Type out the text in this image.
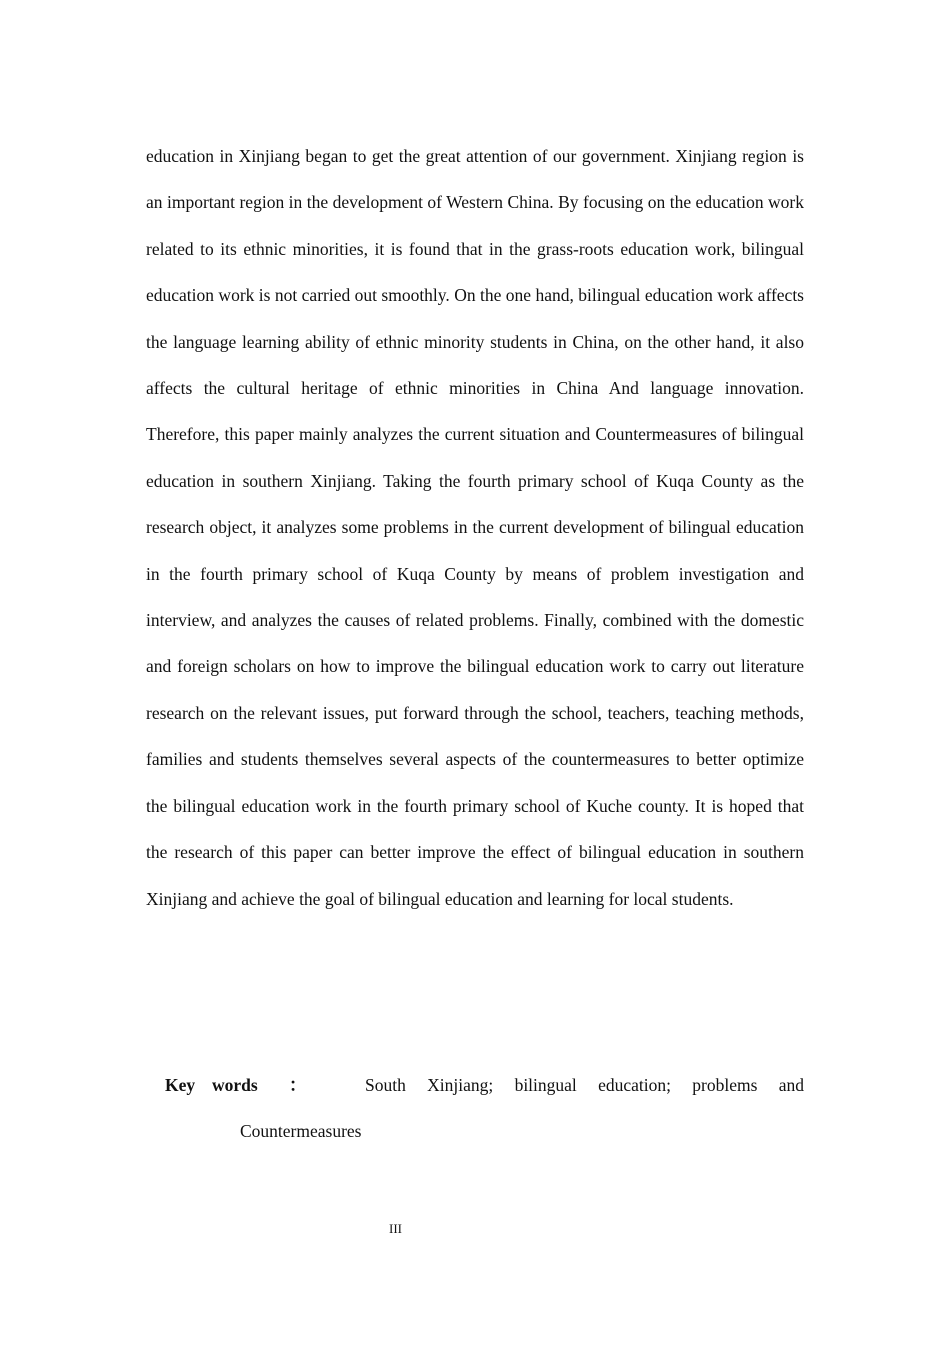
education in Xinjiang began to get the great attention of our government. Xinjiang region is an important region in the development of Western China. By focusing on the education work related to its ethnic minorities, it is found that in the grass-roots education work, bilingual education work is not carried out smoothly. On the one hand, bilingual education work affects the language learning ability of ethnic minority students in China, on the other hand, it also affects the cultural heritage of ethnic minorities in China And language innovation. Therefore, this paper mainly analyzes the current situation and Countermeasures of bilingual education in southern Xinjiang. Taking the fourth primary school of Kuqa County as the research object, it analyzes some problems in the current development of bilingual education in the fourth primary school of Kuqa County by means of problem investigation and interview, and analyzes the causes of related problems. Finally, combined with the domestic and foreign scholars on how to improve the bilingual education work to carry out literature research on the relevant issues, put forward through the school, teachers, teaching methods, families and students themselves several aspects of the countermeasures to better optimize the bilingual education work in the fourth primary school of Kuche county. It is hoped that the research of this paper can better improve the effect of bilingual education in southern Xinjiang and achieve the goal of bilingual education and learning for local students.

Key words ：
	South Xinjiang; bilingual education; problems and
Countermeasures
III
